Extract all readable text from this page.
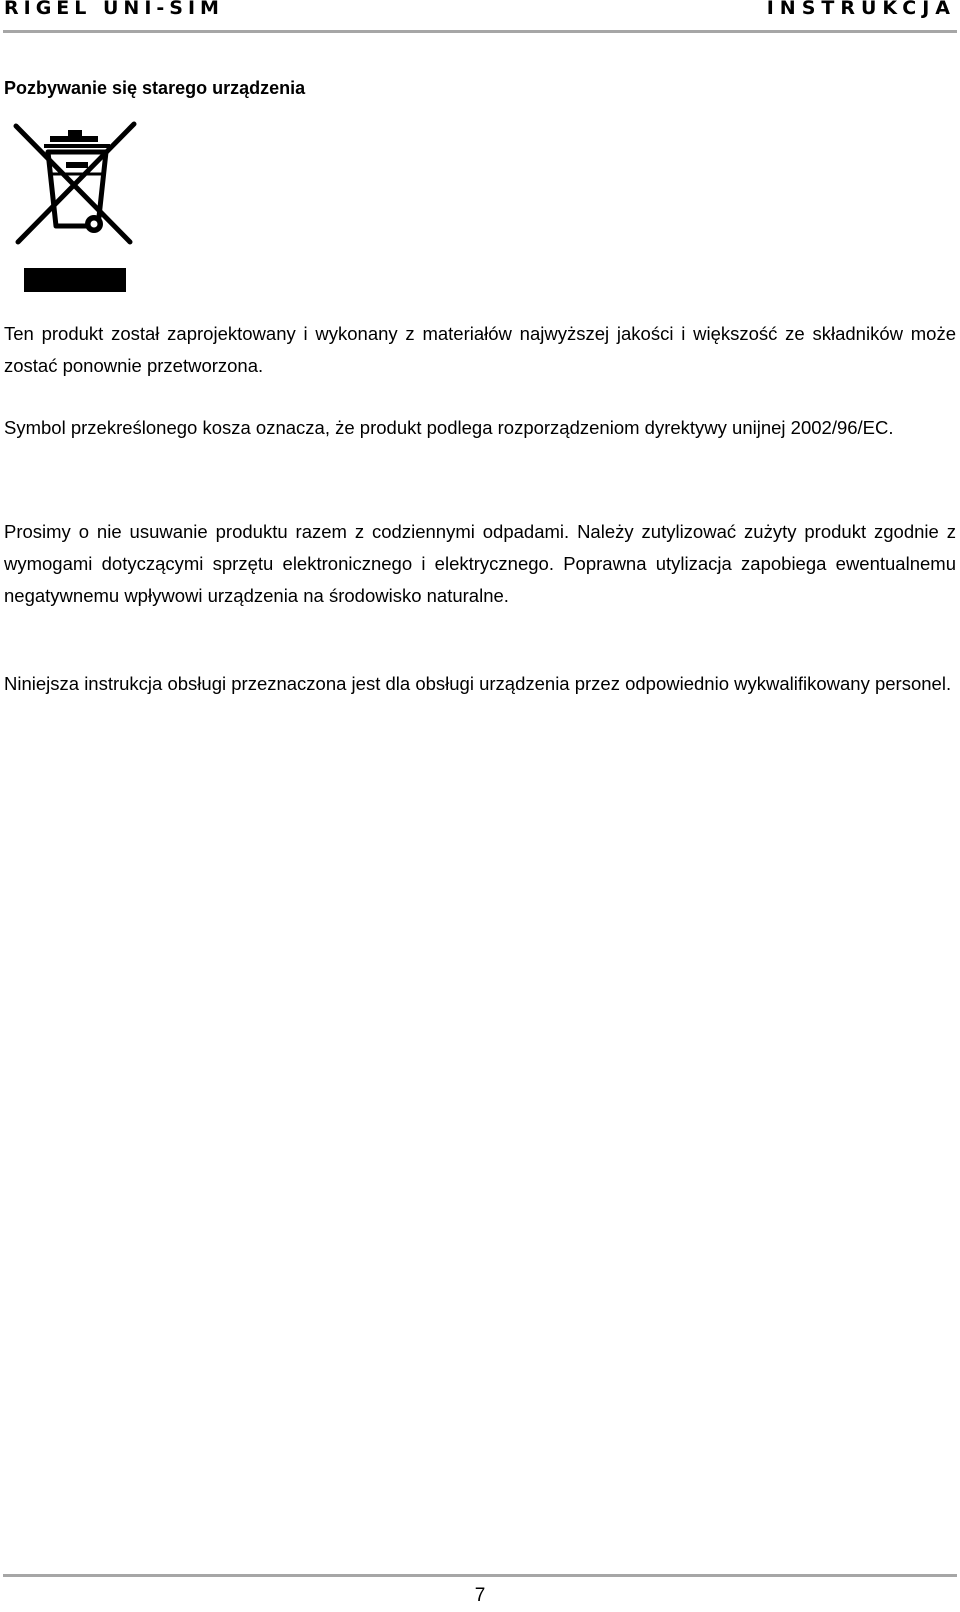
RIGEL UNI-SIM	INSTRUKCJA
Pozbywanie się starego urządzenia
Ten produkt został zaprojektowany i wykonany z materiałów najwyższej jakości i większość ze składników może zostać ponownie przetworzona.
Symbol przekreślonego kosza oznacza, że produkt podlega rozporządzeniom dyrektywy unijnej 2002/96/EC.
Prosimy o nie usuwanie produktu razem z codziennymi odpadami. Należy zutylizować zużyty produkt zgodnie z wymogami dotyczącymi sprzętu elektronicznego i elektrycznego. Poprawna utylizacja zapobiega ewentualnemu negatywnemu wpływowi urządzenia na środowisko naturalne.
Niniejsza instrukcja obsługi przeznaczona jest dla obsługi urządzenia przez odpowiednio wykwalifikowany personel.
7
